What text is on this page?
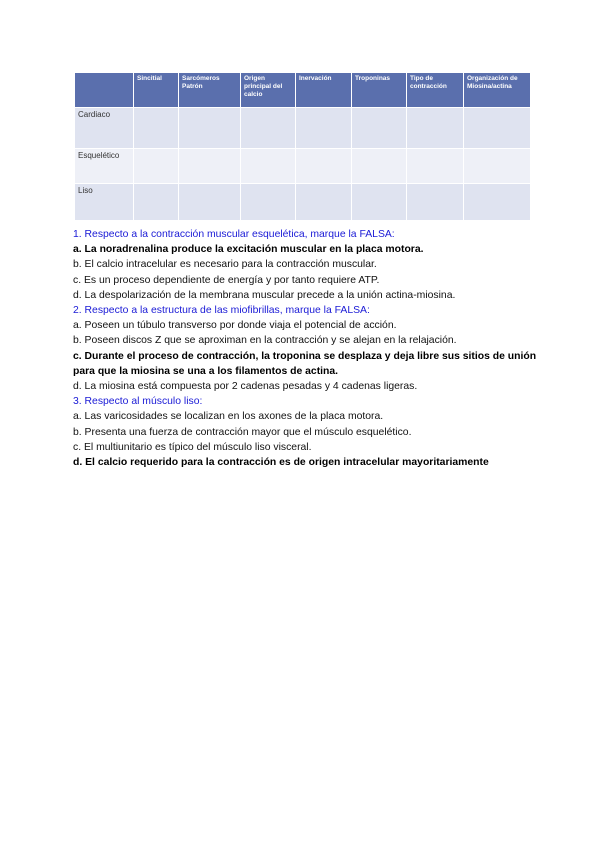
	Sincitial	Sarcómeros Patrón	Origen principal del calcio	Inervación	Troponinas	Tipo de contracción	Organización de Miosina/actina
Cardiaco							
Esquelético							
Liso							
1. Respecto a la contracción muscular esquelética, marque la FALSA:
a. La noradrenalina produce la excitación muscular en la placa motora.
b. El calcio intracelular es necesario para la contracción muscular.
c. Es un proceso dependiente de energía y por tanto requiere ATP.
d. La despolarización de la membrana muscular precede a la unión actina-miosina.
2. Respecto a la estructura de las miofibrillas, marque la FALSA:
a. Poseen un túbulo transverso por donde viaja el potencial de acción.
b. Poseen discos Z que se aproximan en la contracción y se alejan en la relajación.
c. Durante el proceso de contracción, la troponina se desplaza y deja libre sus sitios de unión para que la miosina se una a los filamentos de actina.
d. La miosina está compuesta por 2 cadenas pesadas y 4 cadenas ligeras.
3. Respecto al músculo liso:
a. Las varicosidades se localizan en los axones de la placa motora.
b. Presenta una fuerza de contracción mayor que el músculo esquelético.
c. El multiunitario es típico del músculo liso visceral.
d. El calcio requerido para la contracción es de origen intracelular mayoritariamente
